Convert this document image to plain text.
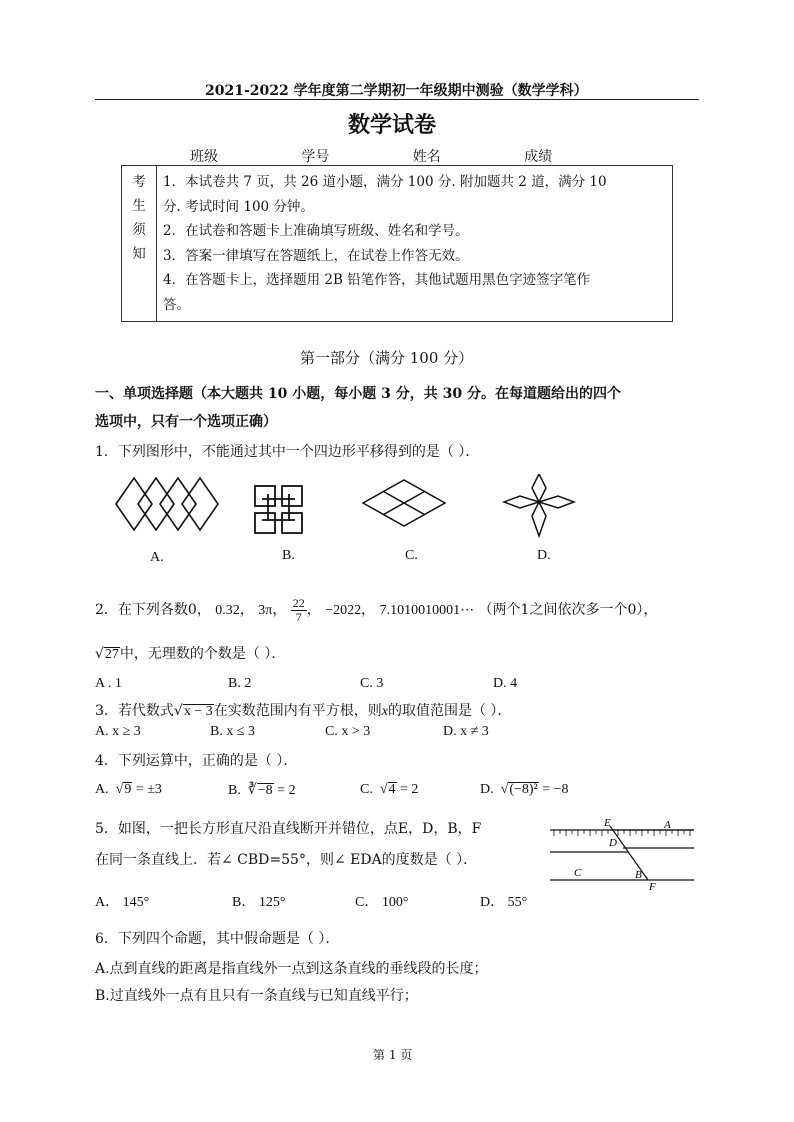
2021-2022 学年度第二学期初一年级期中测验（数学学科）
数学试卷
班级	学号	姓名	成绩
考
生
须
知

1．本试卷共 7 页，共 26 道小题，满分 100 分. 附加题共 2 道，满分 10
分. 考试时间 100 分钟。
2．在试卷和答题卡上准确填写班级、姓名和学号。
3．答案一律填写在答题纸上，在试卷上作答无效。
4．在答题卡上，选择题用 2B 铅笔作答，其他试题用黑色字迹签字笔作
答。
第一部分（满分 100 分）
一、单项选择题（本大题共 10 小题，每小题 3 分，共 30 分。在每道题给出的四个
选项中，只有一个选项正确）
1．下列图形中，不能通过其中一个四边形平移得到的是（ ）．
A.	B.	C.	D.
2．在下列各数0， 0.32， 3π， $\frac{22}{7}$ ， −2022， 7.1010010001⋯ （两个1之间依次多一个0），
√27中，无理数的个数是（ ）．
A . 1	B. 2	C. 3	D. 4
3．若代数式√x − 3在实数范围内有平方根，则x的取值范围是（ ）．
A. x ≥ 3	B. x ≤ 3	C. x > 3	D. x ≠ 3
4．下列运算中，正确的是（ ）．
A.  √9 = ±3	B. ∛−8 = 2	C.  √4 = 2	D.  √(−8)² = −8
5．如图，一把长方形直尺沿直线断开并错位，点E，D，B，F
在同一条直线上．若∠ CBD=55°，则∠ EDA的度数是（ ）．
E	A
D
C	B
F
A． 145°	B． 125°	C． 100°	D． 55°
6．下列四个命题，其中假命题是（ ）．
A.点到直线的距离是指直线外一点到这条直线的垂线段的长度；
B.过直线外一点有且只有一条直线与已知直线平行；
第 1 页
